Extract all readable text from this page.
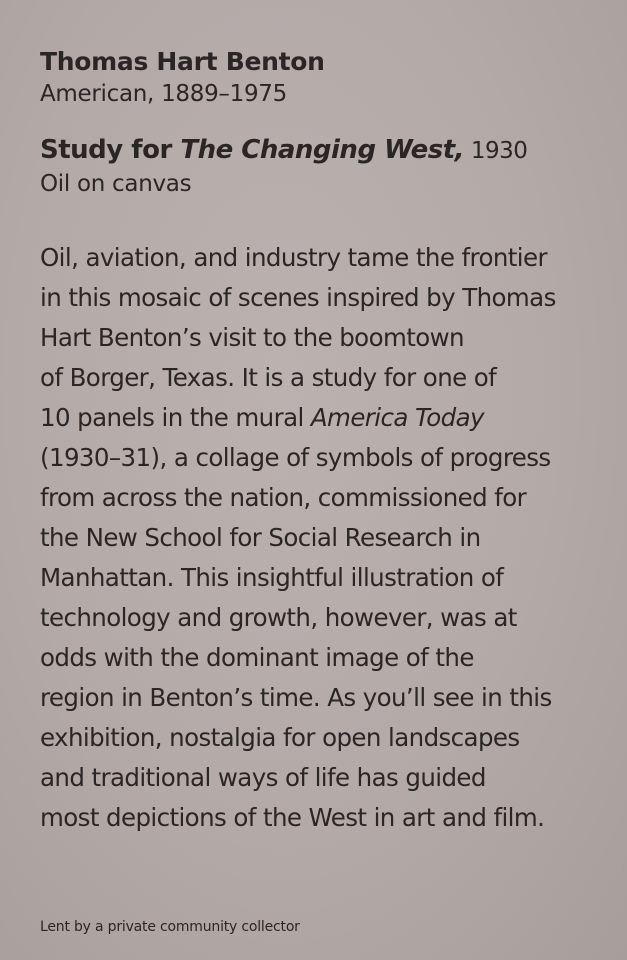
Thomas Hart Benton
American, 1889–1975
Study for The Changing West, 1930
Oil on canvas
Oil, aviation, and industry tame the frontier
in this mosaic of scenes inspired by Thomas
Hart Benton’s visit to the boomtown
of Borger, Texas. It is a study for one of
10 panels in the mural America Today
(1930–31), a collage of symbols of progress
from across the nation, commissioned for
the New School for Social Research in
Manhattan. This insightful illustration of
technology and growth, however, was at
odds with the dominant image of the
region in Benton’s time. As you’ll see in this
exhibition, nostalgia for open landscapes
and traditional ways of life has guided
most depictions of the West in art and film.
Lent by a private community collector
